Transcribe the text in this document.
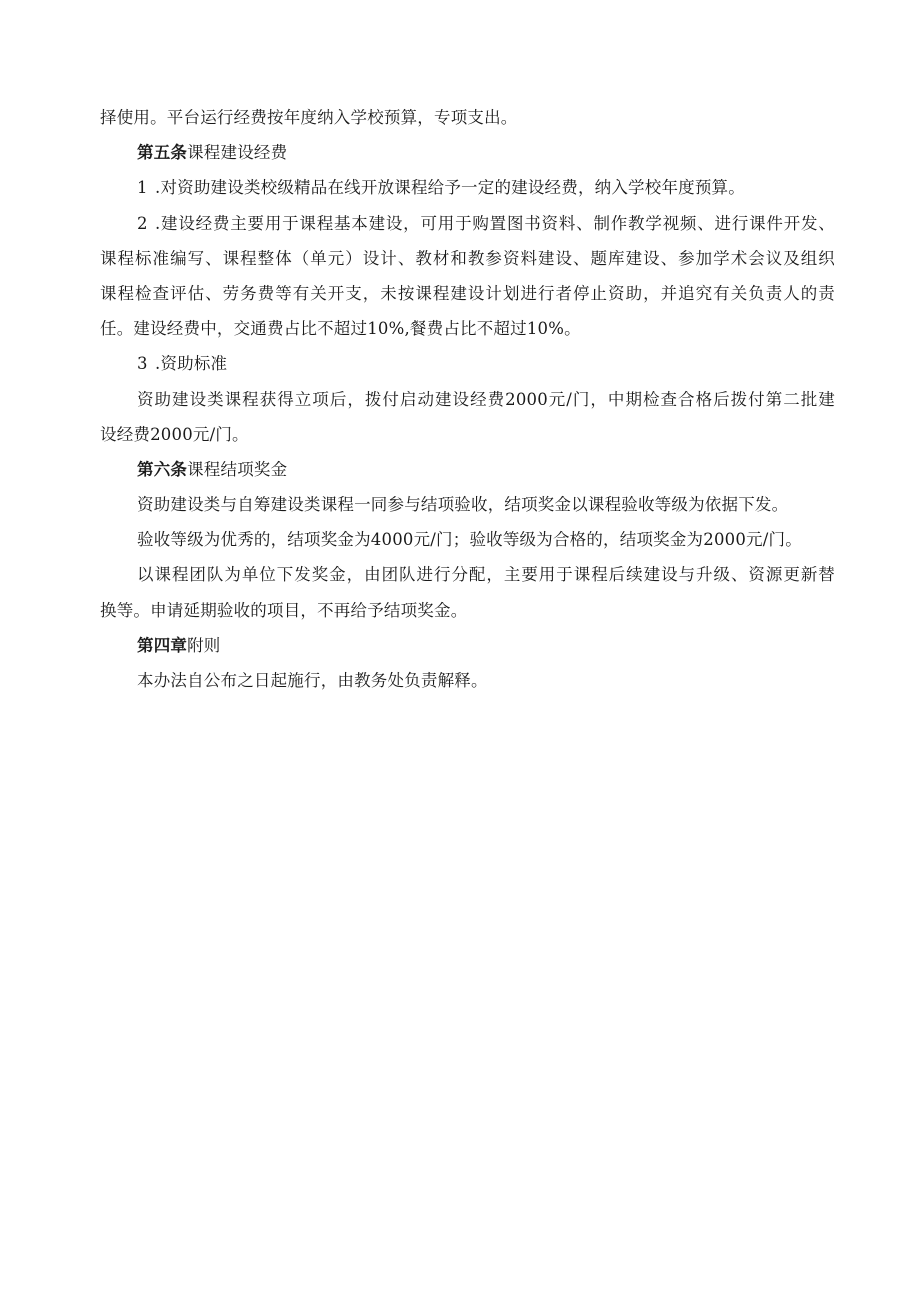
择使用。平台运行经费按年度纳入学校预算，专项支出。
第五条课程建设经费
1 .对资助建设类校级精品在线开放课程给予一定的建设经费，纳入学校年度预算。
2 .建设经费主要用于课程基本建设，可用于购置图书资料、制作教学视频、进行课件开发、
课程标准编写、课程整体（单元）设计、教材和教参资料建设、题库建设、参加学术会议及组织
课程检查评估、劳务费等有关开支，未按课程建设计划进行者停止资助，并追究有关负责人的责
任。建设经费中，交通费占比不超过10%,餐费占比不超过10%。
3 .资助标准
资助建设类课程获得立项后，拨付启动建设经费2000元/门，中期检查合格后拨付第二批建
设经费2000元/门。
第六条课程结项奖金
资助建设类与自筹建设类课程一同参与结项验收，结项奖金以课程验收等级为依据下发。
验收等级为优秀的，结项奖金为4000元/门；验收等级为合格的，结项奖金为2000元/门。
以课程团队为单位下发奖金，由团队进行分配，主要用于课程后续建设与升级、资源更新替
换等。申请延期验收的项目，不再给予结项奖金。
第四章附则
本办法自公布之日起施行，由教务处负责解释。
